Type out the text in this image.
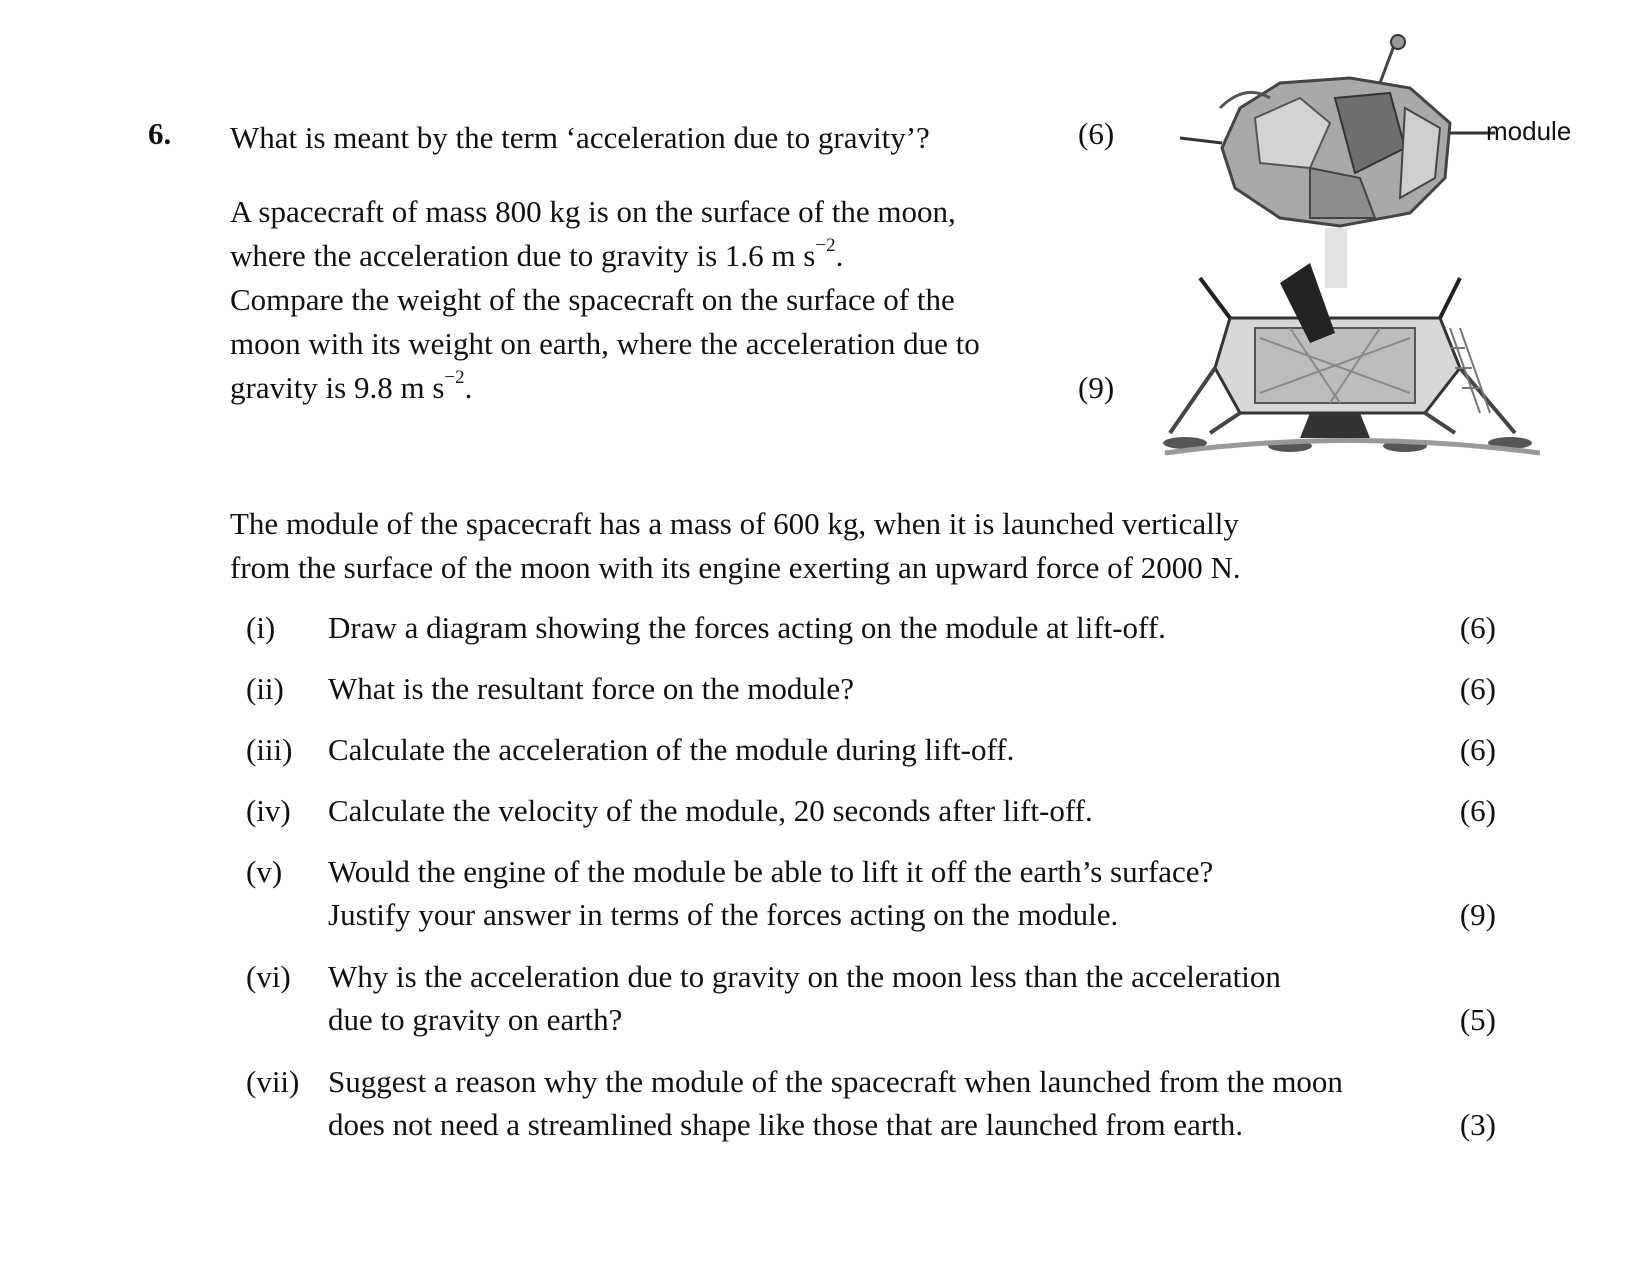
6. What is meant by the term ‘acceleration due to gravity’?	(6)
A spacecraft of mass 800 kg is on the surface of the moon,
where the acceleration due to gravity is 1.6 m $s^{-2}$.
Compare the weight of the spacecraft on the surface of the
moon with its weight on earth, where the acceleration due to
gravity is 9.8 m $s^{-2}$.	(9)
module
The module of the spacecraft has a mass of 600 kg, when it is launched vertically
from the surface of the moon with its engine exerting an upward force of 2000 N.
(i) Draw a diagram showing the forces acting on the module at lift-off.	(6)
(ii) What is the resultant force on the module?	(6)
(iii) Calculate the acceleration of the module during lift-off.	(6)
(iv) Calculate the velocity of the module, 20 seconds after lift-off.	(6)
(v) Would the engine of the module be able to lift it off the earth’s surface?
Justify your answer in terms of the forces acting on the module.	(9)
(vi) Why is the acceleration due to gravity on the moon less than the acceleration
due to gravity on earth?	(5)
(vii) Suggest a reason why the module of the spacecraft when launched from the moon
does not need a streamlined shape like those that are launched from earth.	(3)
